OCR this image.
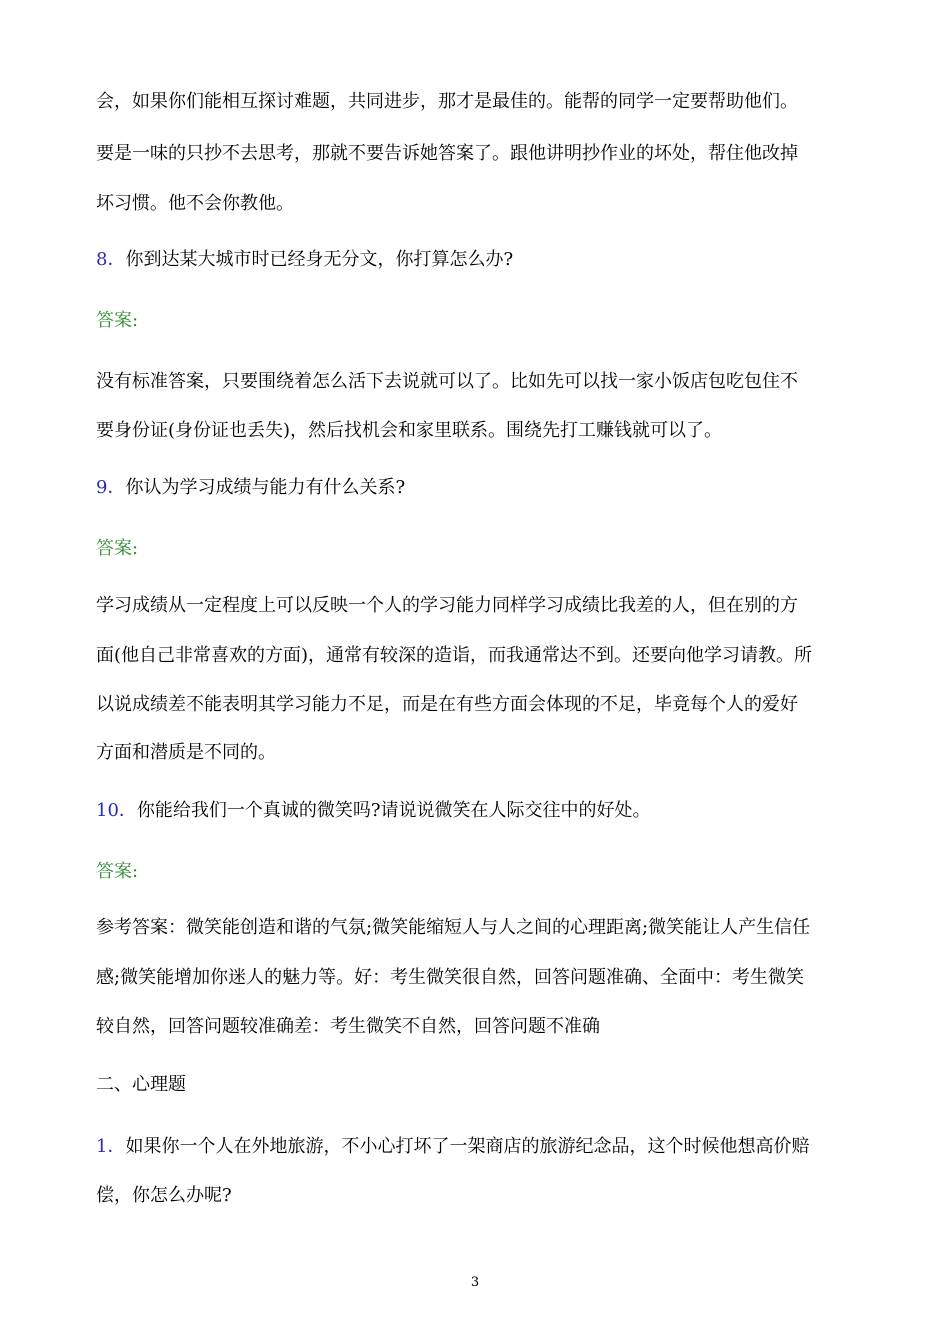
会，如果你们能相互探讨难题，共同进步，那才是最佳的。能帮的同学一定要帮助他们。
要是一味的只抄不去思考，那就不要告诉她答案了。跟他讲明抄作业的坏处，帮住他改掉
坏习惯。他不会你教他。
8．你到达某大城市时已经身无分文，你打算怎么办?
答案:
没有标准答案，只要围绕着怎么活下去说就可以了。比如先可以找一家小饭店包吃包住不
要身份证(身份证也丢失)，然后找机会和家里联系。围绕先打工赚钱就可以了。
9．你认为学习成绩与能力有什么关系?
答案:
学习成绩从一定程度上可以反映一个人的学习能力同样学习成绩比我差的人，但在别的方
面(他自己非常喜欢的方面)，通常有较深的造诣，而我通常达不到。还要向他学习请教。所
以说成绩差不能表明其学习能力不足，而是在有些方面会体现的不足，毕竟每个人的爱好
方面和潜质是不同的。
10．你能给我们一个真诚的微笑吗?请说说微笑在人际交往中的好处。
答案:
参考答案：微笑能创造和谐的气氛;微笑能缩短人与人之间的心理距离;微笑能让人产生信任
感;微笑能增加你迷人的魅力等。好：考生微笑很自然，回答问题准确、全面中：考生微笑
较自然，回答问题较准确差：考生微笑不自然，回答问题不准确
二、心理题
1．如果你一个人在外地旅游，不小心打坏了一架商店的旅游纪念品，这个时候他想高价赔
偿，你怎么办呢?
3
